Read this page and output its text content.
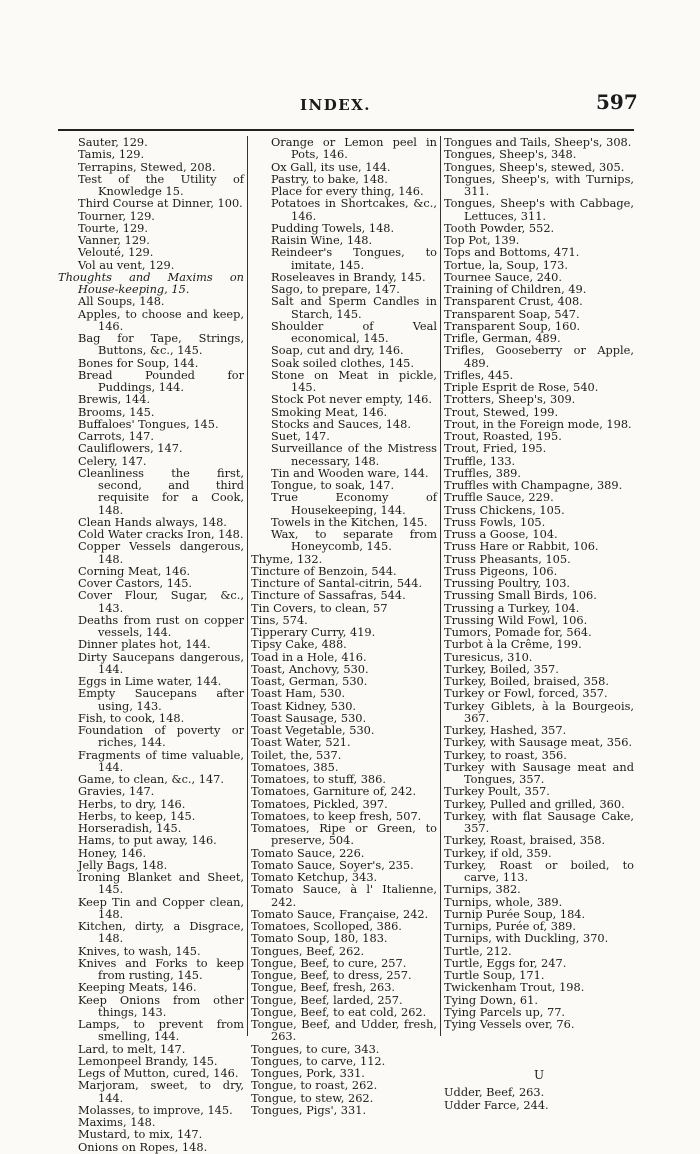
INDEX.	597

Sauter, 129.

Tamis, 129.

Terrapins, Stewed, 208.

Test of the Utility of Knowledge 15.

Third Course at Dinner, 100.

Tourner, 129.

Tourte, 129.

Vanner, 129.

Velouté, 129.

Vol au vent, 129.

Thoughts and Maxims on House-keeping, 15.

All Soups, 148.

Apples, to choose and keep, 146.

Bag for Tape, Strings, Buttons, &c., 145.

Bones for Soup, 144.

Bread Pounded for Puddings, 144.

Brewis, 144.

Brooms, 145.

Buffaloes' Tongues, 145.

Carrots, 147.

Cauliflowers, 147.

Celery, 147.

Cleanliness the first, second, and third requisite for a Cook, 148.

Clean Hands always, 148.

Cold Water cracks Iron, 148.

Copper Vessels dangerous, 148.

Corning Meat, 146.

Cover Castors, 145.

Cover Flour, Sugar, &c., 143.

Deaths from rust on copper vessels, 144.

Dinner plates hot, 144.

Dirty Saucepans dangerous, 144.

Eggs in Lime water, 144.

Empty Saucepans after using, 143.

Fish, to cook, 148.

Foundation of poverty or riches, 144.

Fragments of time valuable, 144.

Game, to clean, &c., 147.

Gravies, 147.

Herbs, to dry, 146.

Herbs, to keep, 145.

Horseradish, 145.

Hams, to put away, 146.

Honey, 146.

Jelly Bags, 148.

Ironing Blanket and Sheet, 145.

Keep Tin and Copper clean, 148.

Kitchen, dirty, a Disgrace, 148.

Knives, to wash, 145.

Knives and Forks to keep from rusting, 145.

Keeping Meats, 146.

Keep Onions from other things, 143.

Lamps, to prevent from smelling, 144.

Lard, to melt, 147.

Lemonpeel Brandy, 145.

Legs of Mutton, cured, 146.

Marjoram, sweet, to dry, 144.

Molasses, to improve, 145.

Maxims, 148.

Mustard, to mix, 147.

Onions on Ropes, 148.

Orange or Lemon peel in Pots, 146.

Ox Gall, its use, 144.

Pastry, to bake, 148.

Place for every thing, 146.

Potatoes in Shortcakes, &c., 146.

Pudding Towels, 148.

Raisin Wine, 148.

Reindeer's Tongues, to imitate, 145.

Roseleaves in Brandy, 145.

Sago, to prepare, 147.

Salt and Sperm Candles in Starch, 145.

Shoulder of Veal economical, 145.

Soap, cut and dry, 146.

Soak soiled clothes, 145.

Stone on Meat in pickle, 145.

Stock Pot never empty, 146.

Smoking Meat, 146.

Stocks and Sauces, 148.

Suet, 147.

Surveillance of the Mistress necessary, 148.

Tin and Wooden ware, 144.

Tongue, to soak, 147.

True Economy of Housekeeping, 144.

Towels in the Kitchen, 145.

Wax, to separate from Honeycomb, 145.

Thyme, 132.

Tincture of Benzoin, 544.

Tincture of Santal-citrin, 544.

Tincture of Sassafras, 544.

Tin Covers, to clean, 57

Tins, 574.

Tipperary Curry, 419.

Tipsy Cake, 488.

Toad in a Hole, 416.

Toast, Anchovy, 530.

Toast, German, 530.

Toast Ham, 530.

Toast Kidney, 530.

Toast Sausage, 530.

Toast Vegetable, 530.

Toast Water, 521.

Toilet, the, 537.

Tomatoes, 385.

Tomatoes, to stuff, 386.

Tomatoes, Garniture of, 242.

Tomatoes, Pickled, 397.

Tomatoes, to keep fresh, 507.

Tomatoes, Ripe or Green, to preserve, 504.

Tomato Sauce, 226.

Tomato Sauce, Soyer's, 235.

Tomato Ketchup, 343.

Tomato Sauce, à l' Italienne, 242.

Tomato Sauce, Française, 242.

Tomatoes, Scolloped, 386.

Tomato Soup, 180, 183.

Tongues, Beef, 262.

Tongue, Beef, to cure, 257.

Tongue, Beef, to dress, 257.

Tongue, Beef, fresh, 263.

Tongue, Beef, larded, 257.

Tongue, Beef, to eat cold, 262.

Tongue, Beef, and Udder, fresh, 263.

Tongues, to cure, 343.

Tongues, to carve, 112.

Tongues, Pork, 331.

Tongue, to roast, 262.

Tongue, to stew, 262.

Tongues, Pigs', 331.

Tongues and Tails, Sheep's, 308.

Tongues, Sheep's, 348.

Tongues, Sheep's, stewed, 305.

Tongues, Sheep's, with Turnips, 311.

Tongues, Sheep's with Cabbage, Lettuces, 311.

Tooth Powder, 552.

Top Pot, 139.

Tops and Bottoms, 471.

Tortue, la, Soup, 173.

Tournee Sauce, 240.

Training of Children, 49.

Transparent Crust, 408.

Transparent Soap, 547.

Transparent Soup, 160.

Trifle, German, 489.

Trifles, Gooseberry or Apple, 489.

Trifles, 445.

Triple Esprit de Rose, 540.

Trotters, Sheep's, 309.

Trout, Stewed, 199.

Trout, in the Foreign mode, 198.

Trout, Roasted, 195.

Trout, Fried, 195.

Truffle, 133.

Truffles, 389.

Truffles with Champagne, 389.

Truffle Sauce, 229.

Truss Chickens, 105.

Truss Fowls, 105.

Truss a Goose, 104.

Truss Hare or Rabbit, 106.

Truss Pheasants, 105.

Truss Pigeons, 106.

Trussing Poultry, 103.

Trussing Small Birds, 106.

Trussing a Turkey, 104.

Trussing Wild Fowl, 106.

Tumors, Pomade for, 564.

Turbot à la Crême, 199.

Turesicus, 310.

Turkey, Boiled, 357.

Turkey, Boiled, braised, 358.

Turkey or Fowl, forced, 357.

Turkey Giblets, à la Bourgeois, 367.

Turkey, Hashed, 357.

Turkey, with Sausage meat, 356.

Turkey, to roast, 356.

Turkey with Sausage meat and Tongues, 357.

Turkey Poult, 357.

Turkey, Pulled and grilled, 360.

Turkey, with flat Sausage Cake, 357.

Turkey, Roast, braised, 358.

Turkey, if old, 359.

Turkey, Roast or boiled, to carve, 113.

Turnips, 382.

Turnips, whole, 389.

Turnip Purée Soup, 184.

Turnips, Purée of, 389.

Turnips, with Duckling, 370.

Turtle, 212.

Turtle, Eggs for, 247.

Turtle Soup, 171.

Twickenham Trout, 198.

Tying Down, 61.

Tying Parcels up, 77.

Tying Vessels over, 76.

U

Udder, Beef, 263.

Udder Farce, 244.
